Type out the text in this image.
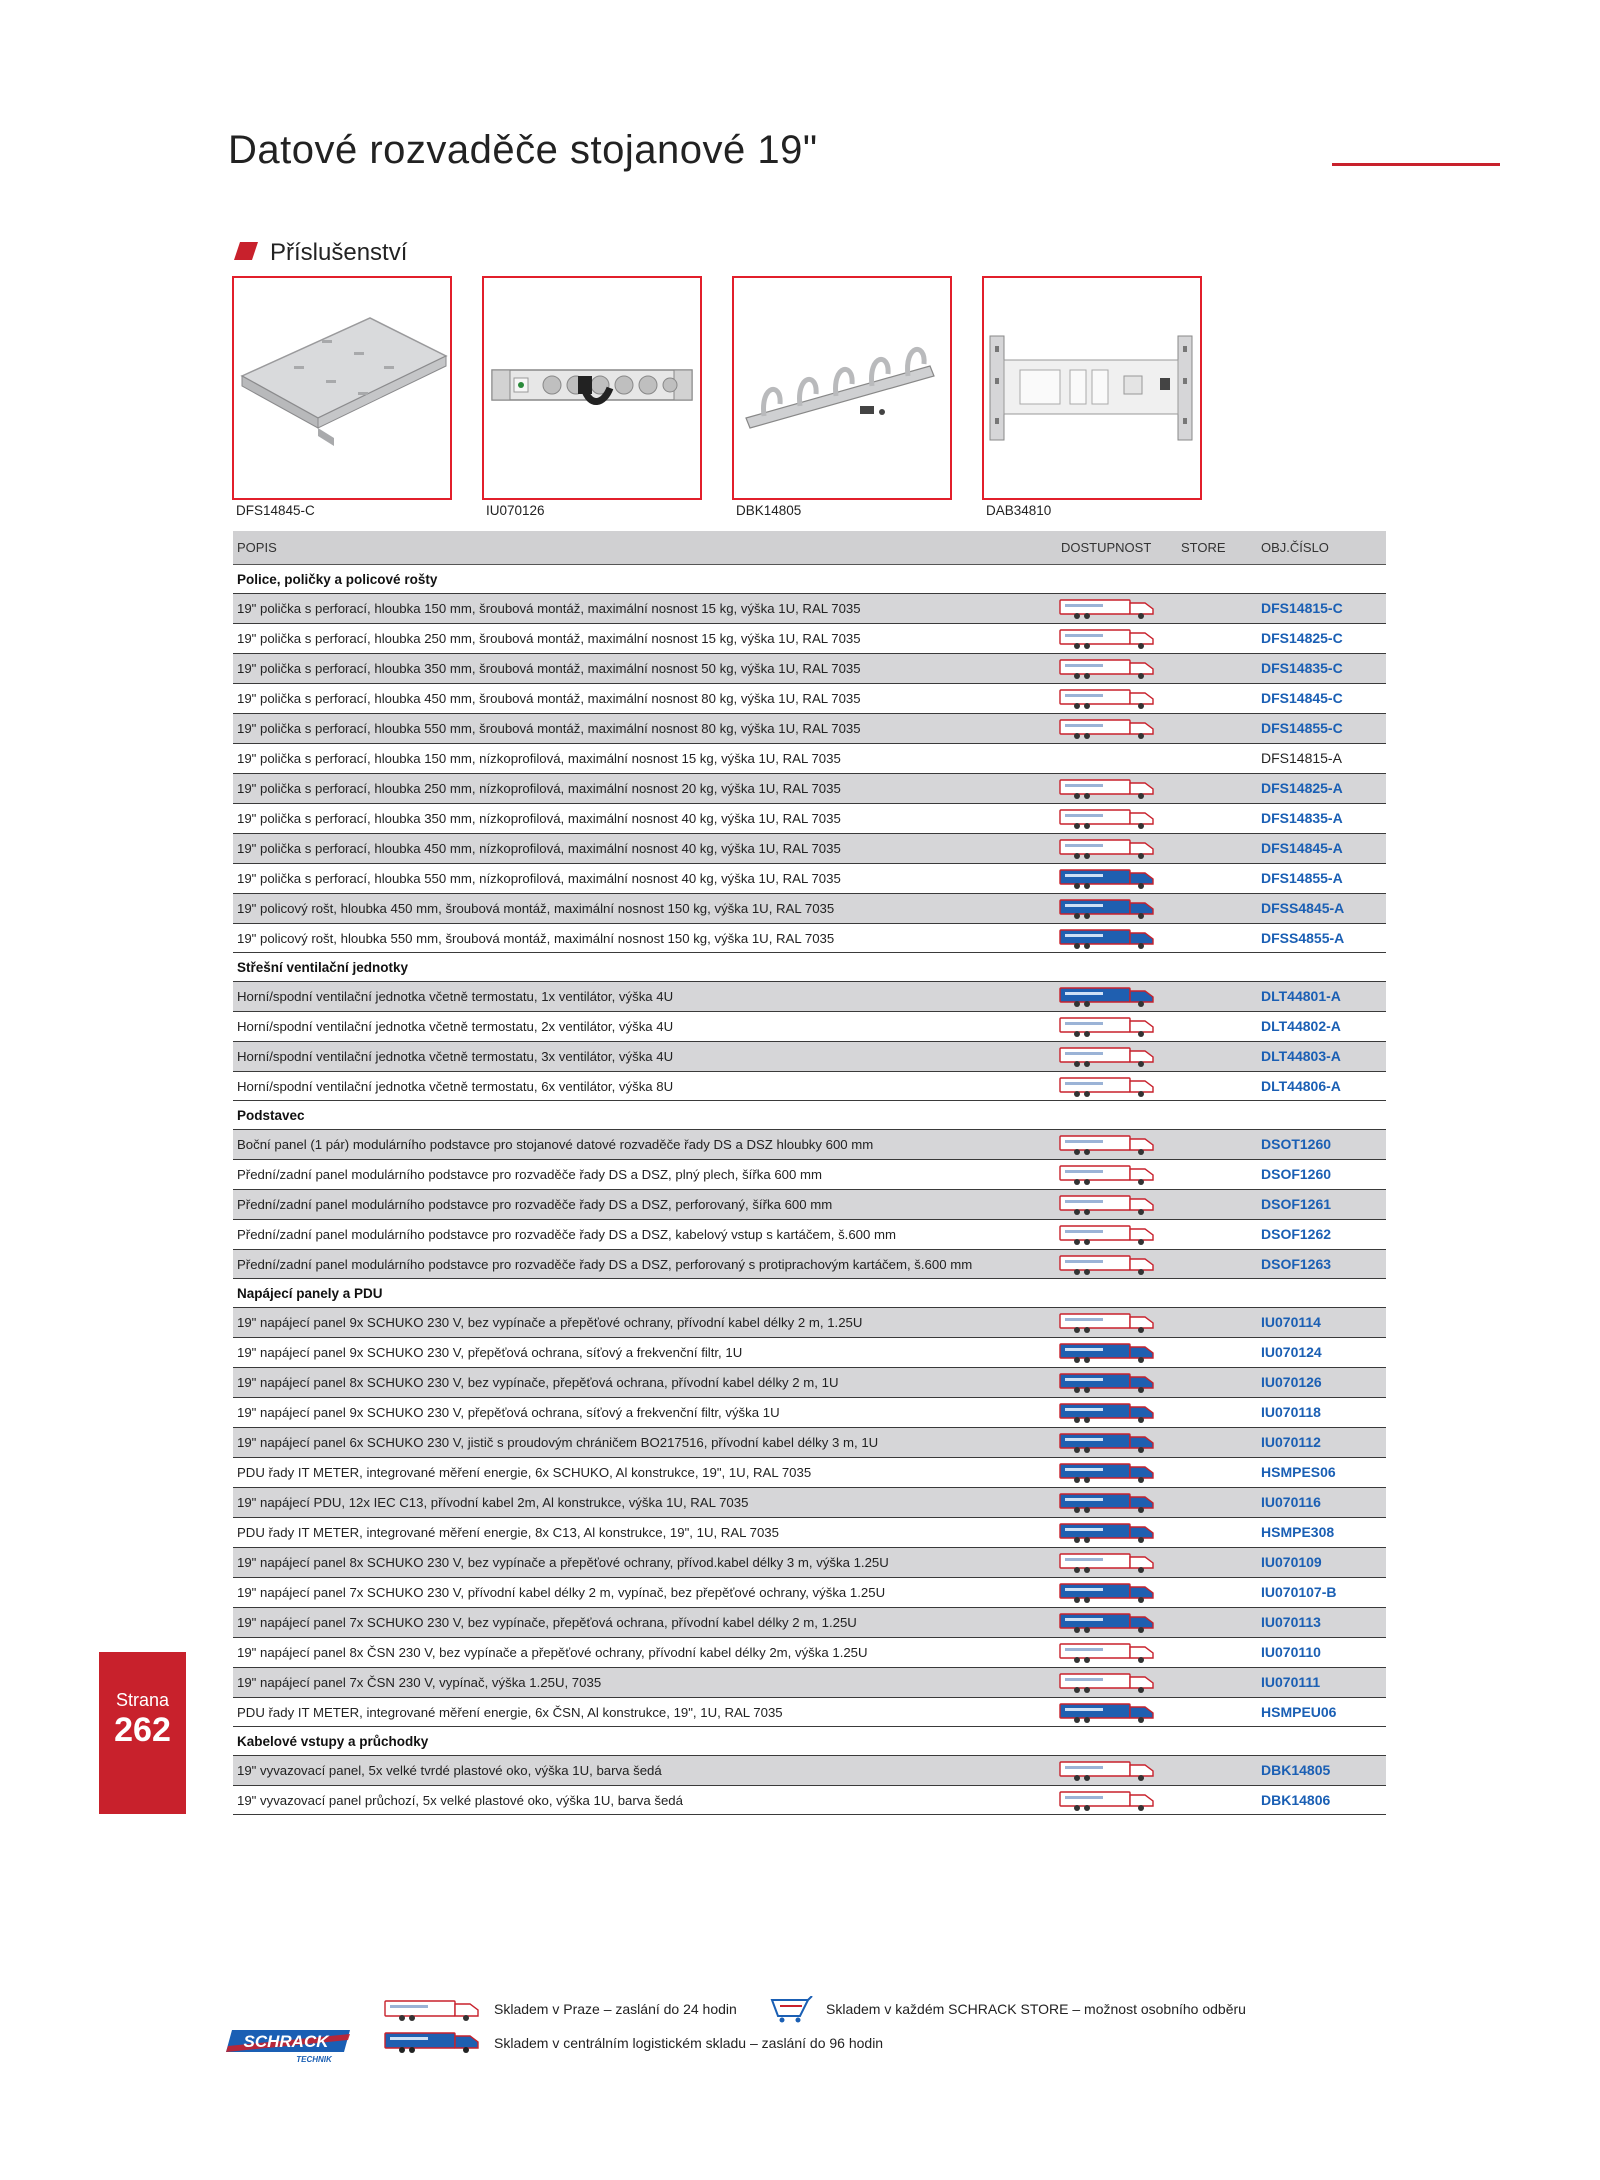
Datové rozvaděče stojanové 19"
Příslušenství
DFS14845-C	IU070126	DBK14805	DAB34810
POPIS	DOSTUPNOST STORE	OBJ.ČÍSLO
Police, poličky a policové rošty
19" polička s perforací, hloubka 150 mm, šroubová montáž, maximální nosnost 15 kg, výška 1U, RAL 7035	DFS14815-C
19" polička s perforací, hloubka 250 mm, šroubová montáž, maximální nosnost 15 kg, výška 1U, RAL 7035	DFS14825-C
19" polička s perforací, hloubka 350 mm, šroubová montáž, maximální nosnost 50 kg, výška 1U, RAL 7035	DFS14835-C
19" polička s perforací, hloubka 450 mm, šroubová montáž, maximální nosnost 80 kg, výška 1U, RAL 7035	DFS14845-C
19" polička s perforací, hloubka 550 mm, šroubová montáž, maximální nosnost 80 kg, výška 1U, RAL 7035	DFS14855-C
19" polička s perforací, hloubka 150 mm, nízkoprofilová, maximální nosnost 15 kg, výška 1U, RAL 7035	DFS14815-A
19" polička s perforací, hloubka 250 mm, nízkoprofilová, maximální nosnost 20 kg, výška 1U, RAL 7035	DFS14825-A
19" polička s perforací, hloubka 350 mm, nízkoprofilová, maximální nosnost 40 kg, výška 1U, RAL 7035	DFS14835-A
19" polička s perforací, hloubka 450 mm, nízkoprofilová, maximální nosnost 40 kg, výška 1U, RAL 7035	DFS14845-A
19" polička s perforací, hloubka 550 mm, nízkoprofilová, maximální nosnost 40 kg, výška 1U, RAL 7035	DFS14855-A
19" policový rošt, hloubka 450 mm, šroubová montáž, maximální nosnost 150 kg, výška 1U, RAL 7035	DFSS4845-A
19" policový rošt, hloubka 550 mm, šroubová montáž, maximální nosnost 150 kg, výška 1U, RAL 7035	DFSS4855-A
Střešní ventilační jednotky
Horní/spodní ventilační jednotka včetně termostatu, 1x ventilátor, výška 4U	DLT44801-A
Horní/spodní ventilační jednotka včetně termostatu, 2x ventilátor, výška 4U	DLT44802-A
Horní/spodní ventilační jednotka včetně termostatu, 3x ventilátor, výška 4U	DLT44803-A
Horní/spodní ventilační jednotka včetně termostatu, 6x ventilátor, výška 8U	DLT44806-A
Podstavec
Boční panel (1 pár) modulárního podstavce pro stojanové datové rozvaděče řady DS a DSZ hloubky 600 mm	DSOT1260
Přední/zadní panel modulárního podstavce pro rozvaděče řady DS a DSZ, plný plech, šířka 600 mm	DSOF1260
Přední/zadní panel modulárního podstavce pro rozvaděče řady DS a DSZ, perforovaný, šířka 600 mm	DSOF1261
Přední/zadní panel modulárního podstavce pro rozvaděče řady DS a DSZ, kabelový vstup s kartáčem, š.600 mm	DSOF1262
Přední/zadní panel modulárního podstavce pro rozvaděče řady DS a DSZ, perforovaný s protiprachovým kartáčem, š.600 mm	DSOF1263
Napájecí panely a PDU
19" napájecí panel 9x SCHUKO 230 V, bez vypínače a přepěťové ochrany, přívodní kabel délky 2 m, 1.25U	IU070114
19" napájecí panel 9x SCHUKO 230 V, přepěťová ochrana, síťový a frekvenční filtr, 1U	IU070124
19" napájecí panel 8x SCHUKO 230 V, bez vypínače, přepěťová ochrana, přívodní kabel délky 2 m, 1U	IU070126
19" napájecí panel 9x SCHUKO 230 V, přepěťová ochrana, síťový a frekvenční filtr, výška 1U	IU070118
19" napájecí panel 6x SCHUKO 230 V, jistič s proudovým chráničem BO217516, přívodní kabel délky 3 m, 1U	IU070112
PDU řady IT METER, integrované měření energie, 6x SCHUKO, Al konstrukce, 19", 1U, RAL 7035	HSMPES06
19" napájecí PDU, 12x IEC C13, přívodní kabel 2m, Al konstrukce, výška 1U, RAL 7035	IU070116
PDU řady IT METER, integrované měření energie, 8x C13, Al konstrukce, 19", 1U, RAL 7035	HSMPE308
19" napájecí panel 8x SCHUKO 230 V, bez vypínače a přepěťové ochrany, přívod.kabel délky 3 m, výška 1.25U	IU070109
19" napájecí panel 7x SCHUKO 230 V, přívodní kabel délky 2 m, vypínač, bez přepěťové ochrany, výška 1.25U	IU070107-B
19" napájecí panel 7x SCHUKO 230 V, bez vypínače, přepěťová ochrana, přívodní kabel délky 2 m, 1.25U	IU070113
19" napájecí panel 8x ČSN 230 V, bez vypínače a přepěťové ochrany, přívodní kabel délky 2m, výška 1.25U	IU070110
19" napájecí panel 7x ČSN 230 V, vypínač, výška 1.25U, 7035	IU070111
PDU řady IT METER, integrované měření energie, 6x ČSN, Al konstrukce, 19", 1U, RAL 7035	HSMPEU06
Kabelové vstupy a průchodky
19" vyvazovací panel, 5x velké tvrdé plastové oko, výška 1U, barva šedá	DBK14805
19" vyvazovací panel průchozí, 5x velké plastové oko, výška 1U, barva šedá	DBK14806
Strana
262
Skladem v Praze – zaslání do 24 hodin	Skladem v každém SCHRACK STORE – možnost osobního odběru
Skladem v centrálním logistickém skladu – zaslání do 96 hodin
SCHRACK
TECHNIK
